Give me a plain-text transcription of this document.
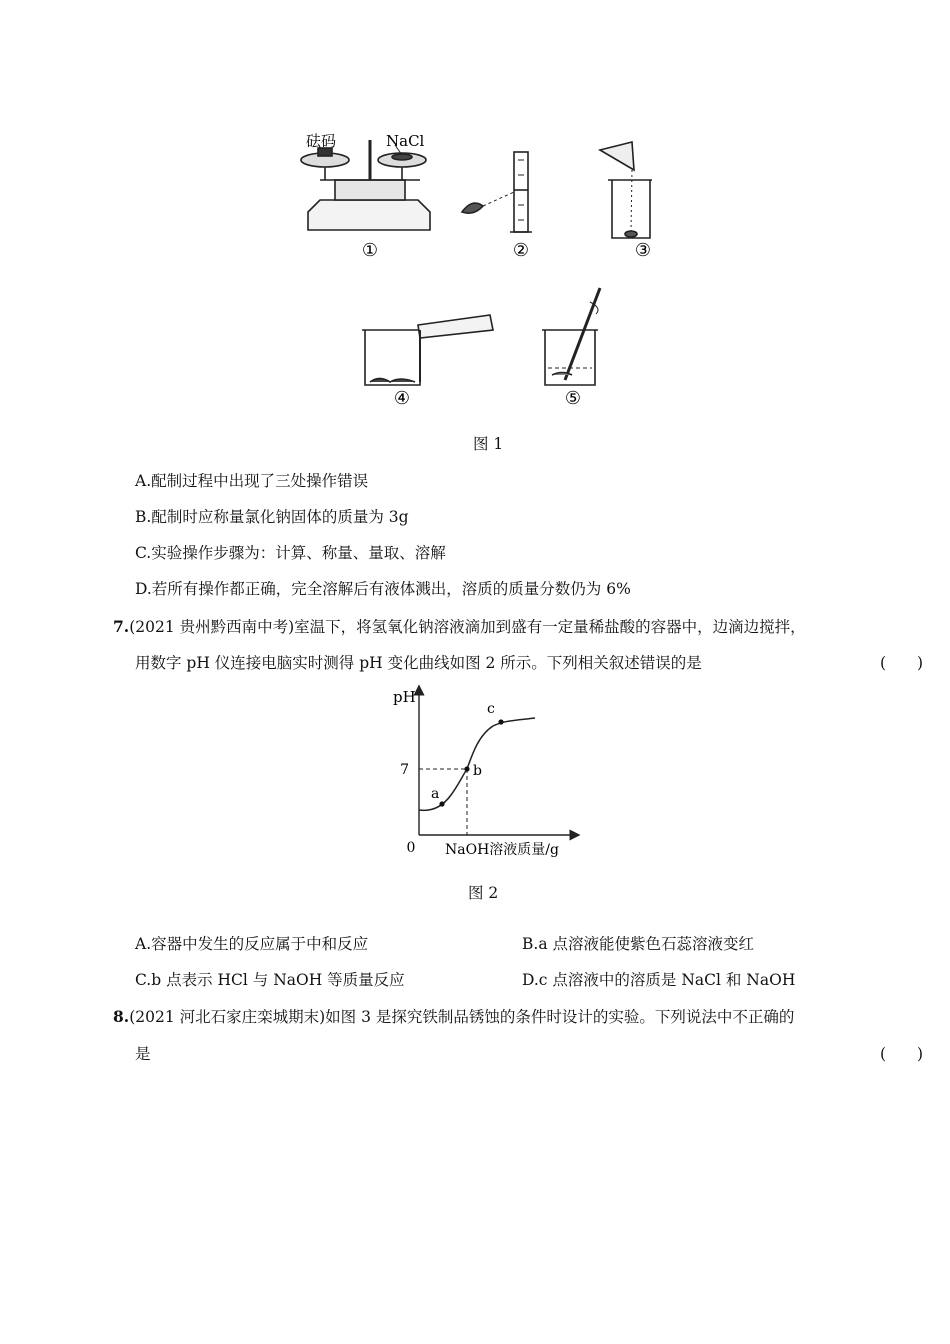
砝码	NaCl
①	②	③
④	⑤
图 1
A.配制过程中出现了三处操作错误
B.配制时应称量氯化钠固体的质量为 3g
C.实验操作步骤为：计算、称量、量取、溶解
D.若所有操作都正确，完全溶解后有液体溅出，溶质的质量分数仍为 6%
7.(2021 贵州黔西南中考)室温下，将氢氧化钠溶液滴加到盛有一定量稀盐酸的容器中，边滴边搅拌，
用数字 pH 仪连接电脑实时测得 pH 变化曲线如图 2 所示。下列相关叙述错误的是	(　　)
pH
0 NaOH溶液质量/g
7
a
b
c
图 2
A.容器中发生的反应属于中和反应	B.a 点溶液能使紫色石蕊溶液变红
C.b 点表示 HCl 与 NaOH 等质量反应	D.c 点溶液中的溶质是 NaCl 和 NaOH
8.(2021 河北石家庄栾城期末)如图 3 是探究铁制品锈蚀的条件时设计的实验。下列说法中不正确的
是	(　　)
